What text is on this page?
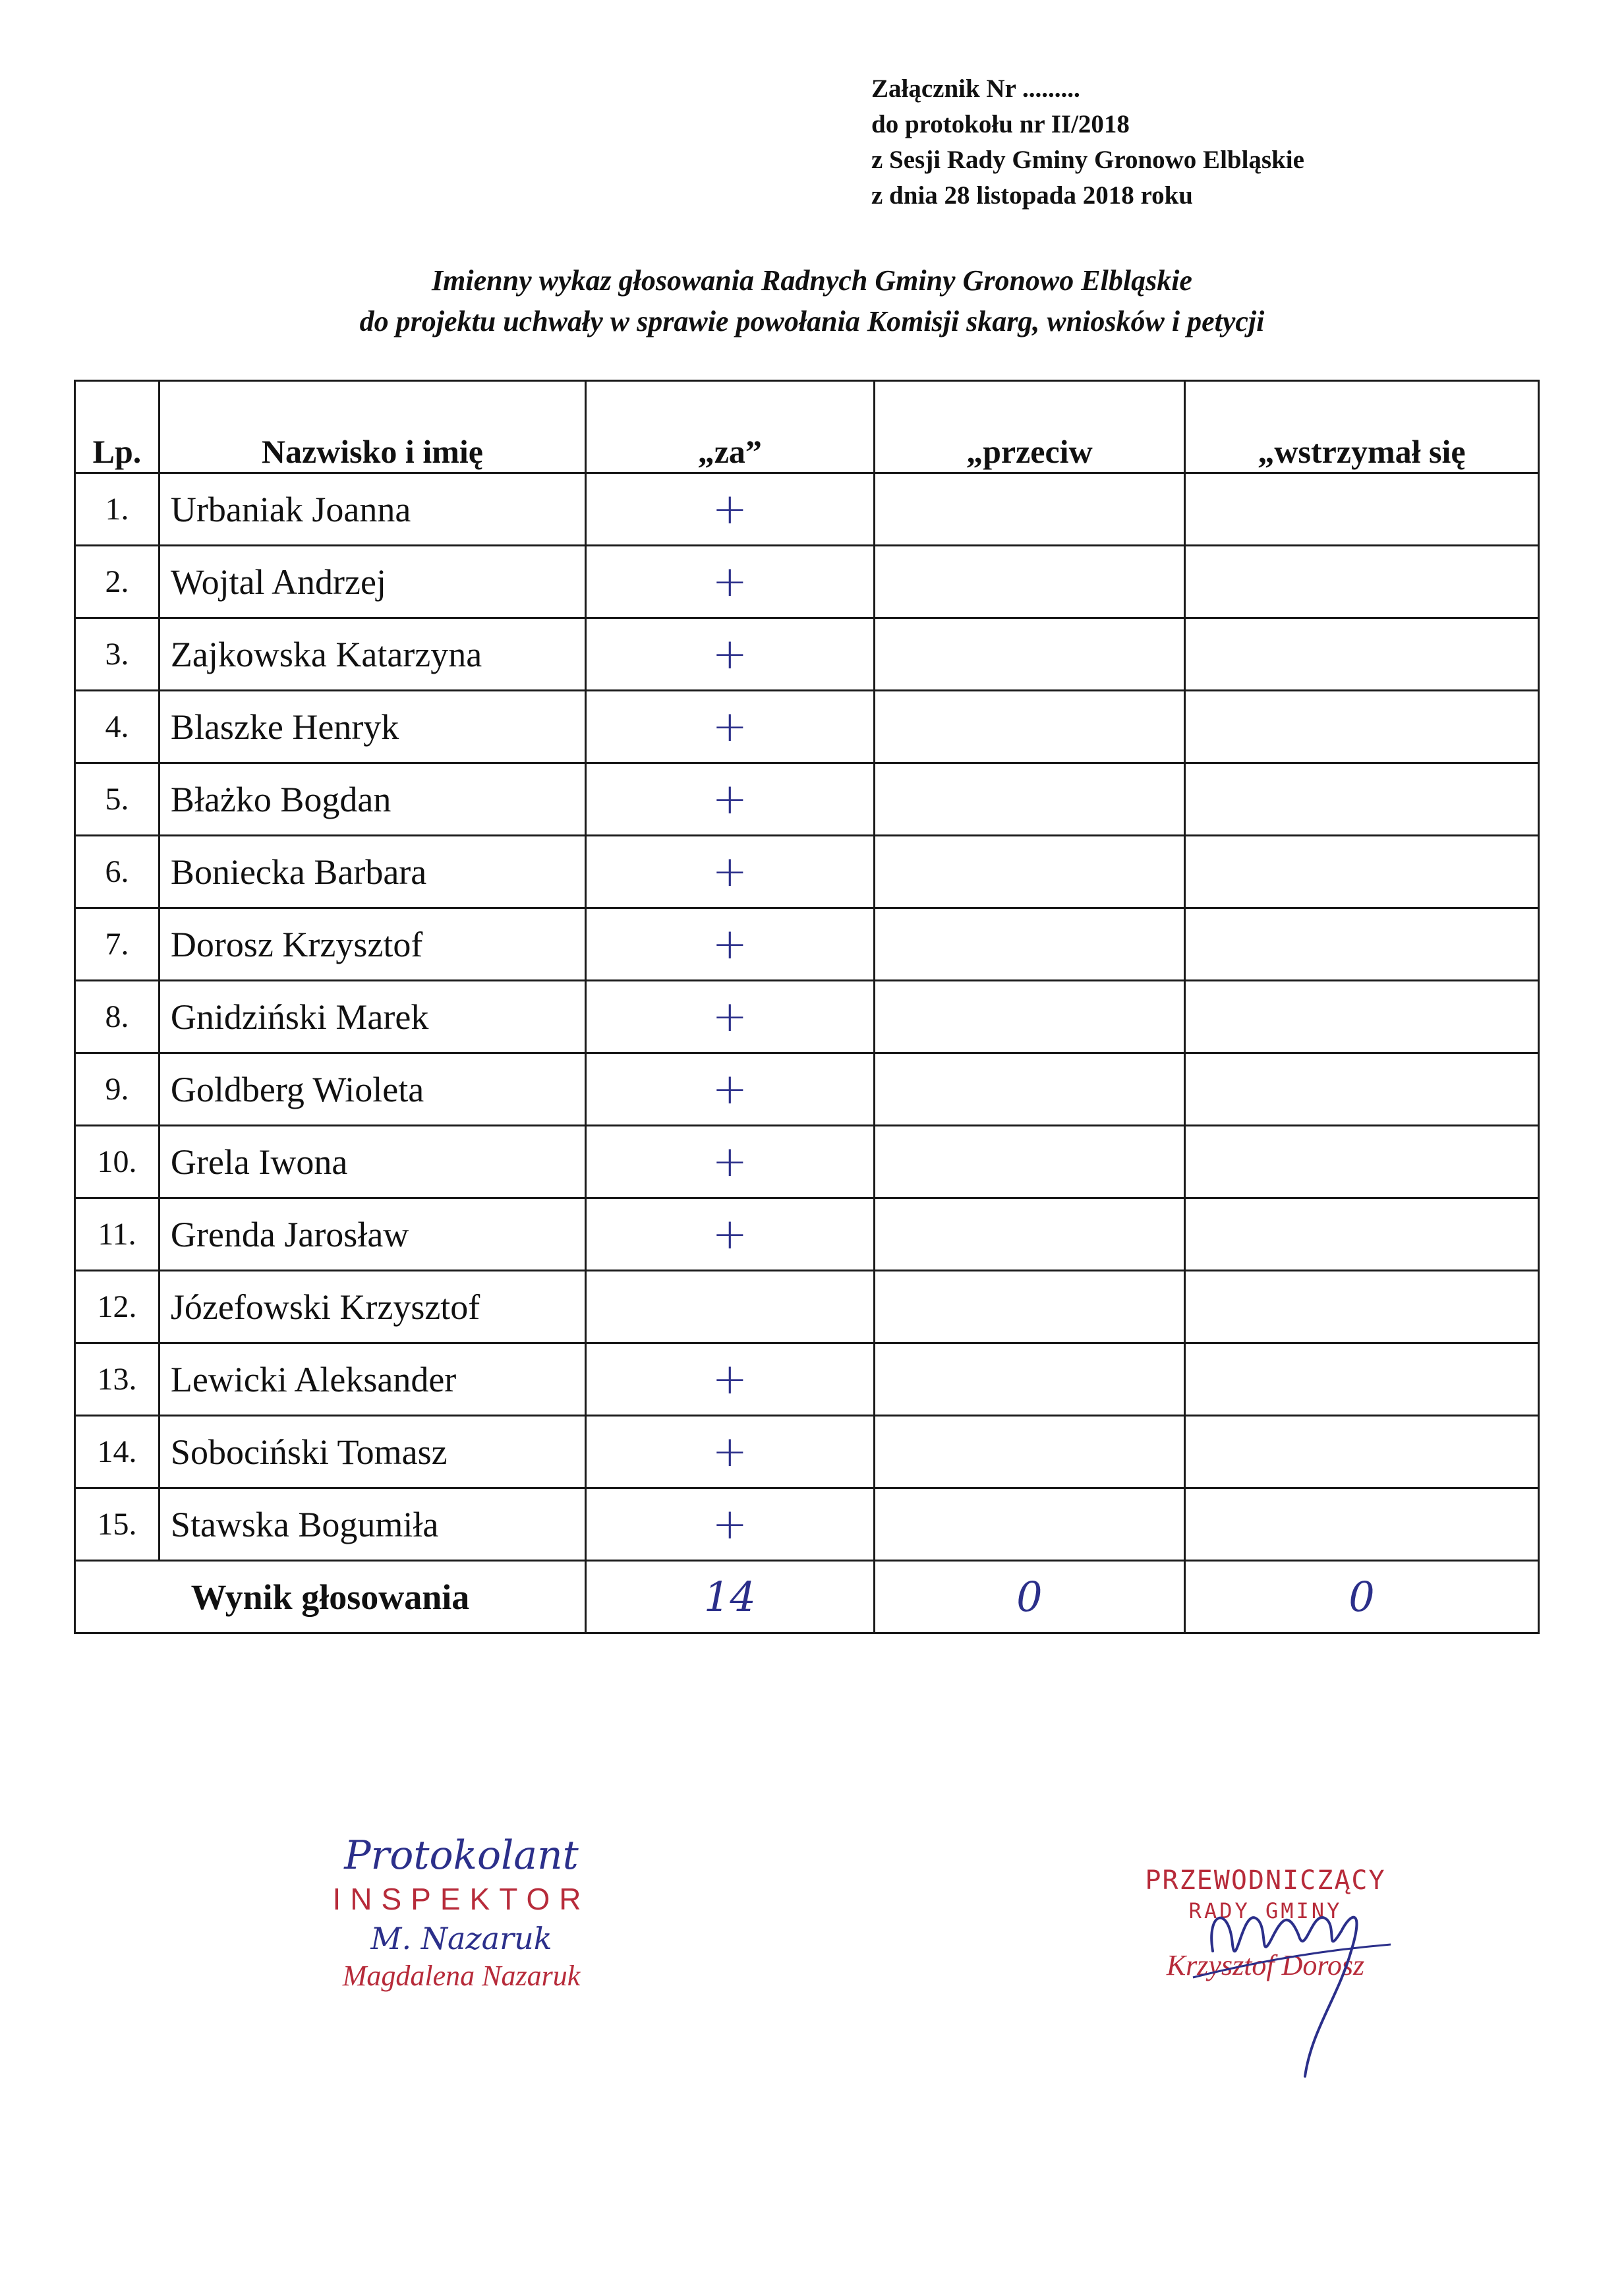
Załącznik Nr .........
do protokołu nr II/2018
z Sesji Rady Gminy Gronowo Elbląskie
z dnia 28 listopada 2018 roku
Imienny wykaz głosowania Radnych Gminy Gronowo Elbląskie
do projektu uchwały w sprawie powołania Komisji skarg, wniosków i petycji
Lp.	Nazwisko i imię	„za”	„przeciw	„wstrzymał się
1.	Urbaniak Joanna	+		
2.	Wojtal Andrzej	+		
3.	Zajkowska Katarzyna	+		
4.	Blaszke Henryk	+		
5.	Błażko Bogdan	+		
6.	Boniecka Barbara	+		
7.	Dorosz Krzysztof	+		
8.	Gnidziński Marek	+		
9.	Goldberg Wioleta	+		
10.	Grela Iwona	+		
11.	Grenda Jarosław	+		
12.	Józefowski Krzysztof			
13.	Lewicki Aleksander	+		
14.	Sobociński Tomasz	+		
15.	Stawska Bogumiła	+		
Wynik głosowania		14	0	0
Protokolant
INSPEKTOR
M. Nazaruk
Magdalena Nazaruk
PRZEWODNICZĄCY
RADY GMINY
Krzysztof Dorosz
